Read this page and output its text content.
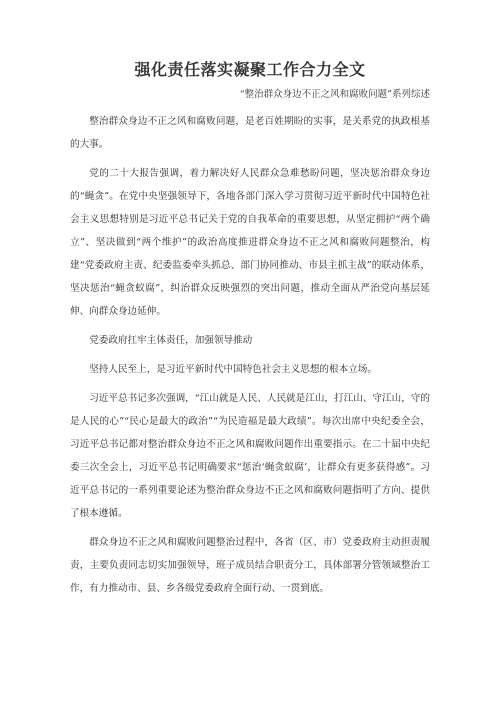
强化责任落实凝聚工作合力全文
“整治群众身边不正之风和腐败问题”系列综述

整治群众身边不正之风和腐败问题，是老百姓期盼的实事，是关系党的执政根基的大事。

党的二十大报告强调，着力解决好人民群众急难愁盼问题，坚决惩治群众身边的“蝇贪”。在党中央坚强领导下，各地各部门深入学习贯彻习近平新时代中国特色社会主义思想特别是习近平总书记关于党的自我革命的重要思想，从坚定拥护“两个确立”、坚决做到“两个维护”的政治高度推进群众身边不正之风和腐败问题整治，构建“党委政府主责、纪委监委牵头抓总、部门协同推动、市县主抓主战”的联动体系，坚决惩治“蝇贪蚁腐”，纠治群众反映强烈的突出问题，推动全面从严治党向基层延伸、向群众身边延伸。

党委政府扛牢主体责任，加强领导推动

坚持人民至上，是习近平新时代中国特色社会主义思想的根本立场。

习近平总书记多次强调，“江山就是人民、人民就是江山，打江山、守江山，守的是人民的心”“民心是最大的政治”“为民造福是最大政绩”。每次出席中央纪委全会，习近平总书记都对整治群众身边不正之风和腐败问题作出重要指示。在二十届中央纪委三次全会上，习近平总书记明确要求“惩治‘蝇贪蚁腐’，让群众有更多获得感”。习近平总书记的一系列重要论述为整治群众身边不正之风和腐败问题指明了方向、提供了根本遵循。

群众身边不正之风和腐败问题整治过程中，各省（区、市）党委政府主动担责履责，主要负责同志切实加强领导，班子成员结合职责分工，具体部署分管领域整治工作，有力推动市、县、乡各级党委政府全面行动、一贯到底。
